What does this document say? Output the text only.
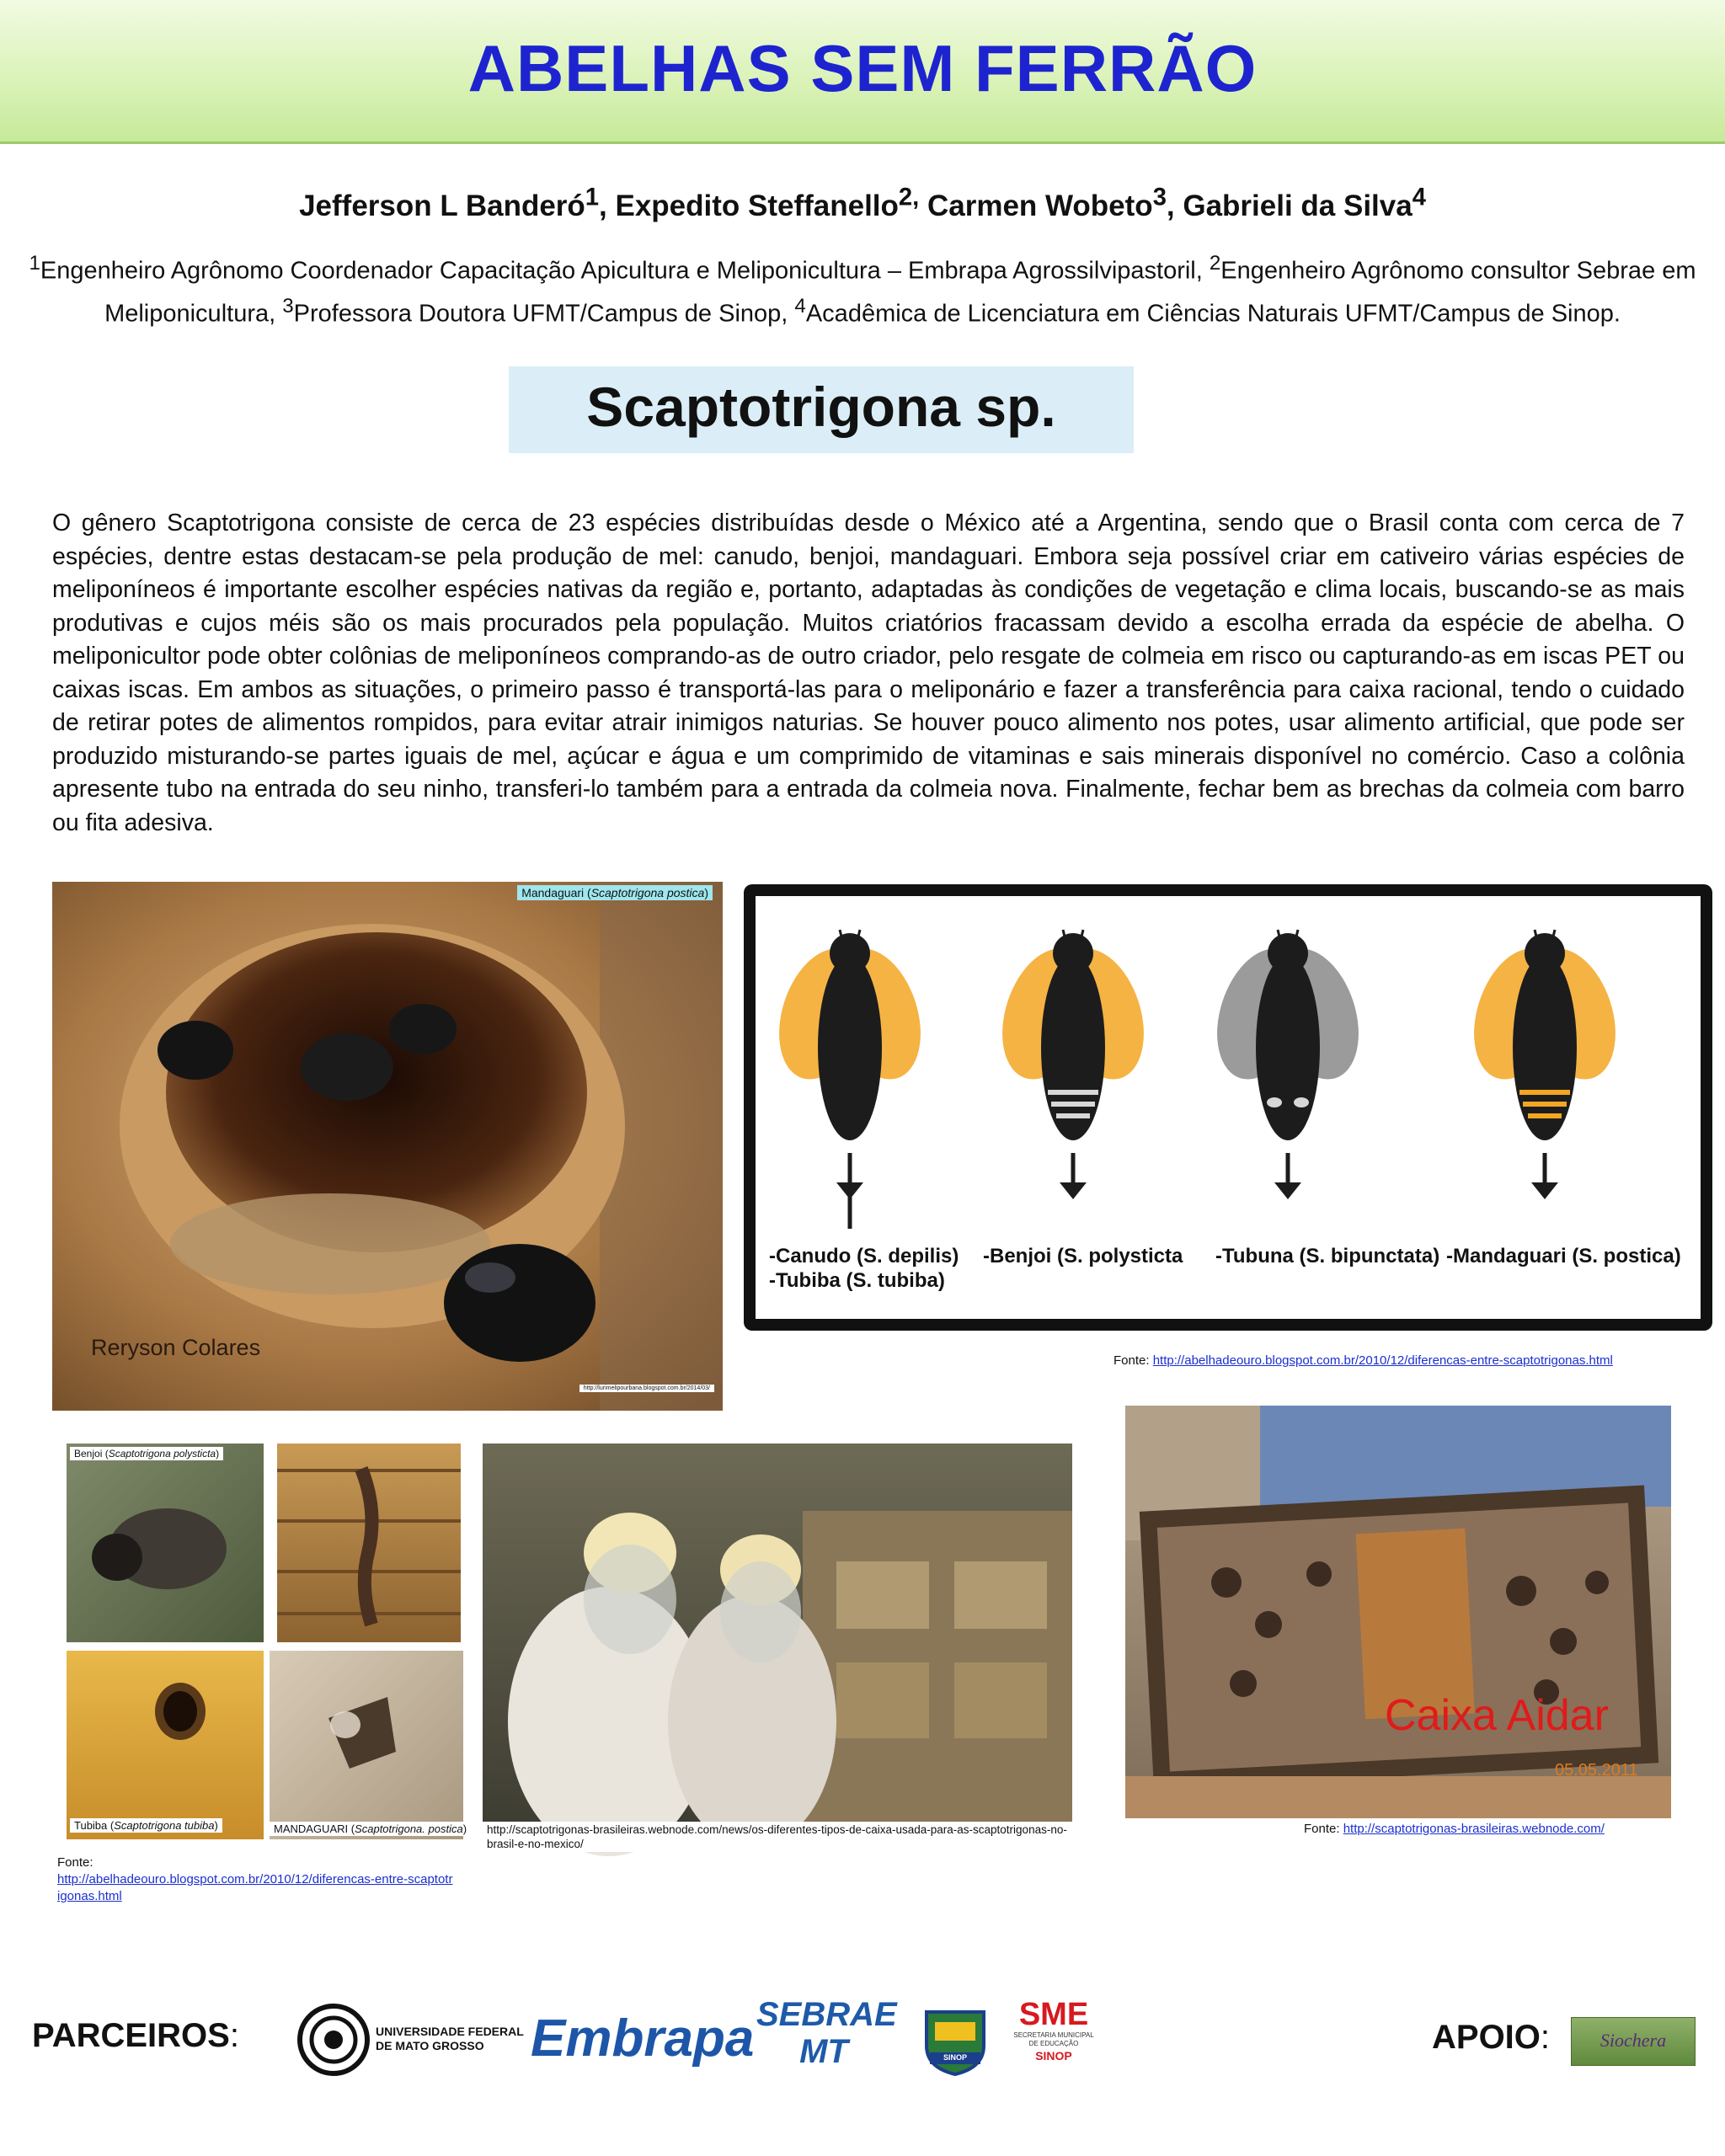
ABELHAS SEM FERRÃO
Jefferson L Banderó$^1$, Expedito Steffanello$^{2,}$ Carmen Wobeto$^3$, Gabrieli da Silva$^4$
$^1$Engenheiro Agrônomo Coordenador Capacitação Apicultura e Meliponicultura – Embrapa Agrossilvipastoril, $^2$Engenheiro Agrônomo consultor Sebrae em Meliponicultura, $^3$Professora Doutora UFMT/Campus de Sinop, $^4$Acadêmica de Licenciatura em Ciências Naturais UFMT/Campus de Sinop.
Scaptotrigona sp.
O gênero Scaptotrigona consiste de cerca de 23 espécies distribuídas desde o México até a Argentina, sendo que o Brasil conta com cerca de 7 espécies, dentre estas destacam-se pela produção de mel: canudo, benjoi, mandaguari. Embora seja possível criar em cativeiro várias espécies de meliponíneos é importante escolher espécies nativas da região e, portanto, adaptadas às condições de vegetação e clima locais, buscando-se as mais produtivas e cujos méis são os mais procurados pela população. Muitos criatórios fracassam devido a escolha errada da espécie de abelha. O meliponicultor pode obter colônias de meliponíneos comprando-as de outro criador, pelo resgate de colmeia em risco ou capturando-as em iscas PET ou caixas iscas. Em ambos as situações, o primeiro passo é transportá-las para o meliponário e fazer a transferência para caixa racional, tendo o cuidado de retirar potes de alimentos rompidos, para evitar atrair inimigos naturias. Se houver pouco alimento nos potes, usar alimento artificial, que pode ser produzido misturando-se partes iguais de mel, açúcar e água e um comprimido de vitaminas e sais minerais disponível no comércio. Caso a colônia apresente tubo na entrada do seu ninho, transferi-lo também para a entrada da colmeia nova. Finalmente, fechar bem as brechas da colmeia com barro ou fita adesiva.
Mandaguari (Scaptotrigona postica)
Reryson Colares
http://lurimelipourbana.blogspot.com.br/2014/03/
-Canudo (S. depilis)
-Tubiba (S. tubiba)
-Benjoi (S. polysticta -Tubuna (S. bipunctata) -Mandaguari (S. postica)
Fonte: http://abelhadeouro.blogspot.com.br/2010/12/diferencas-entre-scaptotrigonas.html
Benjoi (Scaptotrigona polysticta)
Tubiba (Scaptotrigona tubiba)	MANDAGUARI (Scaptotrigona. postica)
Fonte:
http://abelhadeouro.blogspot.com.br/2010/12/diferencas-entre-scaptotrigonas.html
http://scaptotrigonas-brasileiras.webnode.com/news/os-diferentes-tipos-de-caixa-usada-para-as-scaptotrigonas-no-brasil-e-no-mexico/
Caixa Aidar
05.05.2011
Fonte: http://scaptotrigonas-brasileiras.webnode.com/
PARCEIROS:	UNIVERSIDADE FEDERAL
DE MATO GROSSO Embrapa SEBRAE
MT	SINOP
SME
SECRETARIA MUNICIPAL
DE EDUCAÇÃO
SINOP	APOIO:	Siochera
